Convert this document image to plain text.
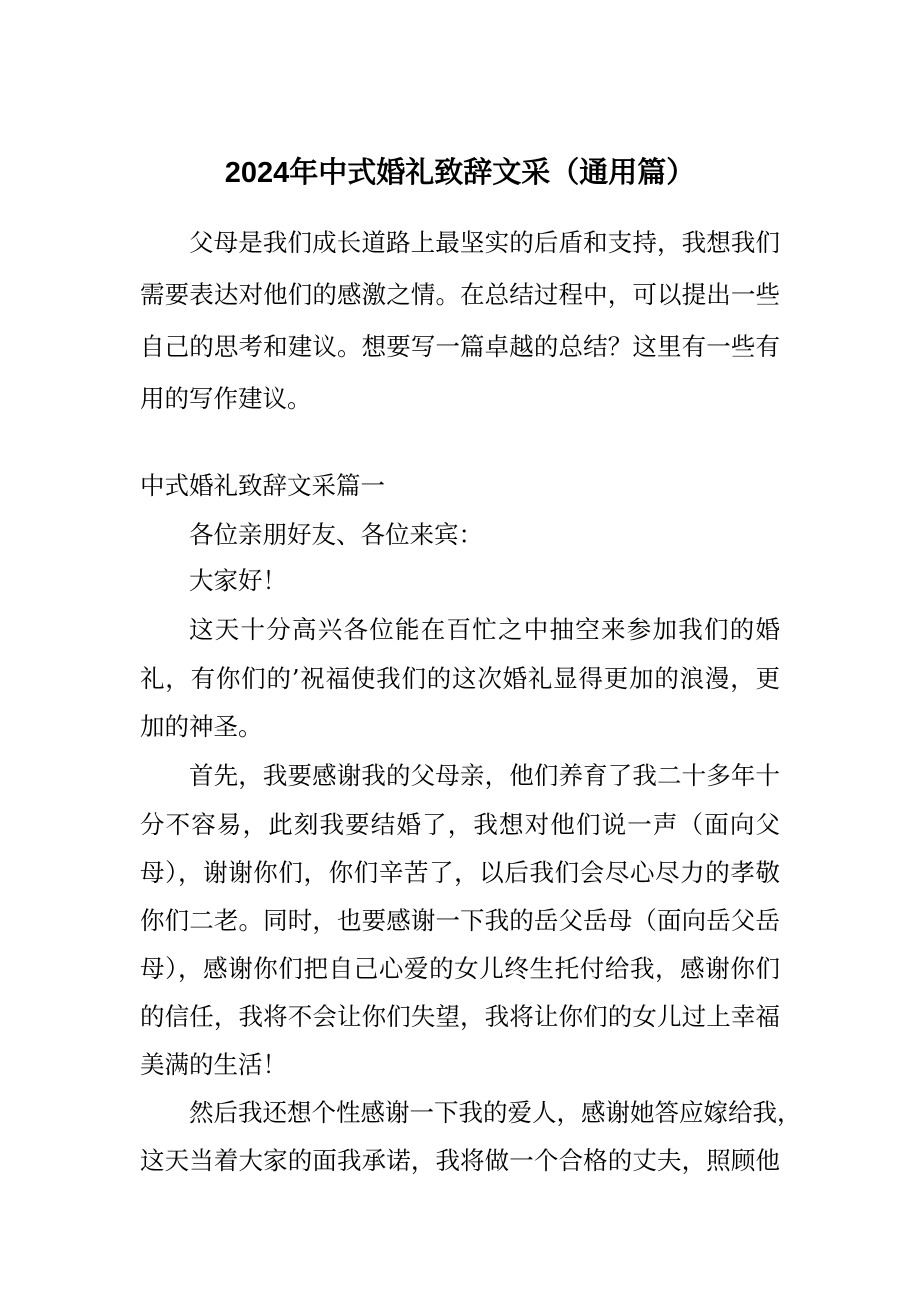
2024年中式婚礼致辞文采（通用篇）
父母是我们成长道路上最坚实的后盾和支持，我想我们
需要表达对他们的感激之情。在总结过程中，可以提出一些
自己的思考和建议。想要写一篇卓越的总结？这里有一些有
用的写作建议。
中式婚礼致辞文采篇一
各位亲朋好友、各位来宾：
大家好！
这天十分高兴各位能在百忙之中抽空来参加我们的婚
礼，有你们的’祝福使我们的这次婚礼显得更加的浪漫，更
加的神圣。
首先，我要感谢我的父母亲，他们养育了我二十多年十
分不容易，此刻我要结婚了，我想对他们说一声（面向父
母），谢谢你们，你们辛苦了，以后我们会尽心尽力的孝敬
你们二老。同时，也要感谢一下我的岳父岳母（面向岳父岳
母），感谢你们把自己心爱的女儿终生托付给我，感谢你们
的信任，我将不会让你们失望，我将让你们的女儿过上幸福
美满的生活！
然后我还想个性感谢一下我的爱人，感谢她答应嫁给我，
这天当着大家的面我承诺，我将做一个合格的丈夫，照顾他
